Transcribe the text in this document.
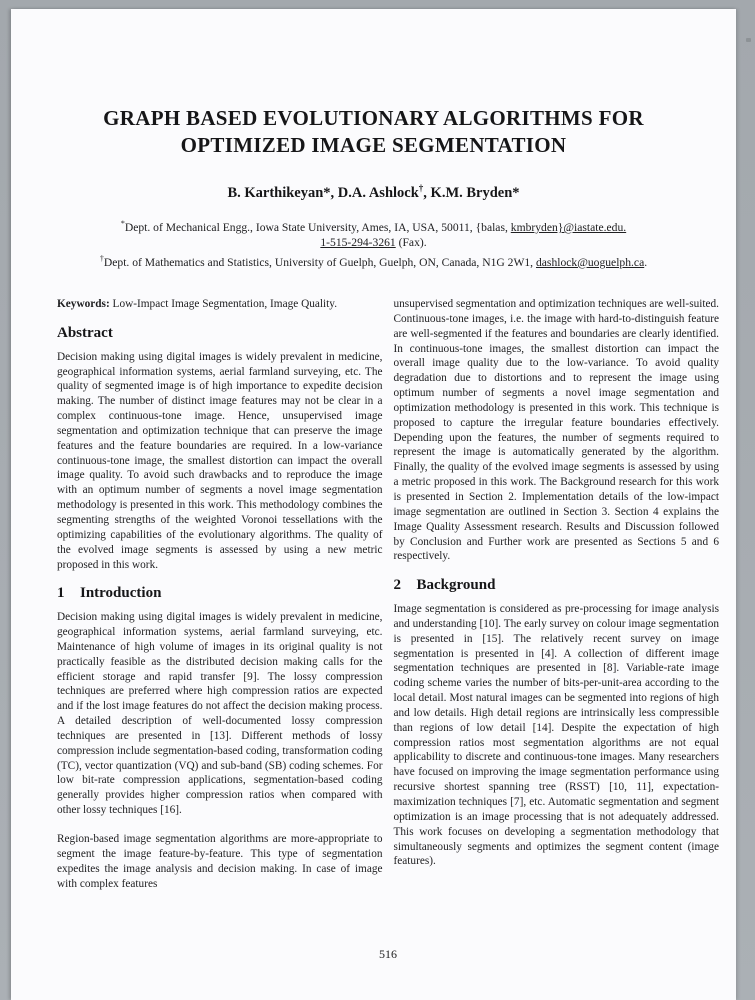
GRAPH BASED EVOLUTIONARY ALGORITHMS FOR
OPTIMIZED IMAGE SEGMENTATION
B. Karthikeyan*, D.A. Ashlock†, K.M. Bryden*
*Dept. of Mechanical Engg., Iowa State University, Ames, IA, USA, 50011, {balas, kmbryden}@iastate.edu.
1-515-294-3261 (Fax).
†Dept. of Mathematics and Statistics, University of Guelph, Guelph, ON, Canada, N1G 2W1, dashlock@uoguelph.ca.

Keywords: Low-Impact Image Segmentation, Image Quality.

Abstract

Decision making using digital images is widely prevalent in medicine, geographical information systems, aerial farmland surveying, etc. The quality of segmented image is of high importance to expedite decision making. The number of distinct image features may not be clear in a complex continuous-tone image. Hence, unsupervised image segmentation and optimization technique that can preserve the image features and the feature boundaries are required. In a low-variance continuous-tone image, the smallest distortion can impact the overall image quality. To avoid such drawbacks and to reproduce the image with an optimum number of segments a novel image segmentation methodology is presented in this work. This methodology combines the segmenting strengths of the weighted Voronoi tessellations with the optimizing capabilities of the evolutionary algorithms. The quality of the evolved image segments is assessed by using a new metric proposed in this work.

1 Introduction

Decision making using digital images is widely prevalent in medicine, geographical information systems, aerial farmland surveying, etc. Maintenance of high volume of images in its original quality is not practically feasible as the distributed decision making calls for the efficient storage and rapid transfer [9]. The lossy compression techniques are preferred where high compression ratios are expected and if the lost image features do not affect the decision making process. A detailed description of well-documented lossy compression techniques are presented in [13]. Different methods of lossy compression include segmentation-based coding, transformation coding (TC), vector quantization (VQ) and sub-band (SB) coding schemes. For low bit-rate compression applications, segmentation-based coding generally provides higher compression ratios when compared with other lossy techniques [16].

Region-based image segmentation algorithms are more-appropriate to segment the image feature-by-feature. This type of segmentation expedites the image analysis and decision making. In case of image with complex features

unsupervised segmentation and optimization techniques are well-suited. Continuous-tone images, i.e. the image with hard-to-distinguish feature are well-segmented if the features and boundaries are clearly identified. In continuous-tone images, the smallest distortion can impact the overall image quality due to the low-variance. To avoid quality degradation due to distortions and to represent the image using optimum number of segments a novel image segmentation and optimization methodology is presented in this work. This technique is proposed to capture the irregular feature boundaries effectively. Depending upon the features, the number of segments required to represent the image is automatically generated by the algorithm. Finally, the quality of the evolved image segments is assessed by using a metric proposed in this work. The Background research for this work is presented in Section 2. Implementation details of the low-impact image segmentation are outlined in Section 3. Section 4 explains the Image Quality Assessment research. Results and Discussion followed by Conclusion and Further work are presented as Sections 5 and 6 respectively.

2 Background

Image segmentation is considered as pre-processing for image analysis and understanding [10]. The early survey on colour image segmentation is presented in [15]. The relatively recent survey on image segmentation is presented in [4]. A collection of different image segmentation techniques are presented in [8]. Variable-rate image coding scheme varies the number of bits-per-unit-area according to the local detail. Most natural images can be segmented into regions of high and low details. High detail regions are intrinsically less compressible than regions of low detail [14]. Despite the expectation of high compression ratios most segmentation algorithms are not equal applicability to discrete and continuous-tone images. Many researchers have focused on improving the image segmentation performance using recursive shortest spanning tree (RSST) [10, 11], expectation-maximization techniques [7], etc. Automatic segmentation and segment optimization is an image processing that is not adequately addressed. This work focuses on developing a segmentation methodology that simultaneously segments and optimizes the segment content (image features).

516
